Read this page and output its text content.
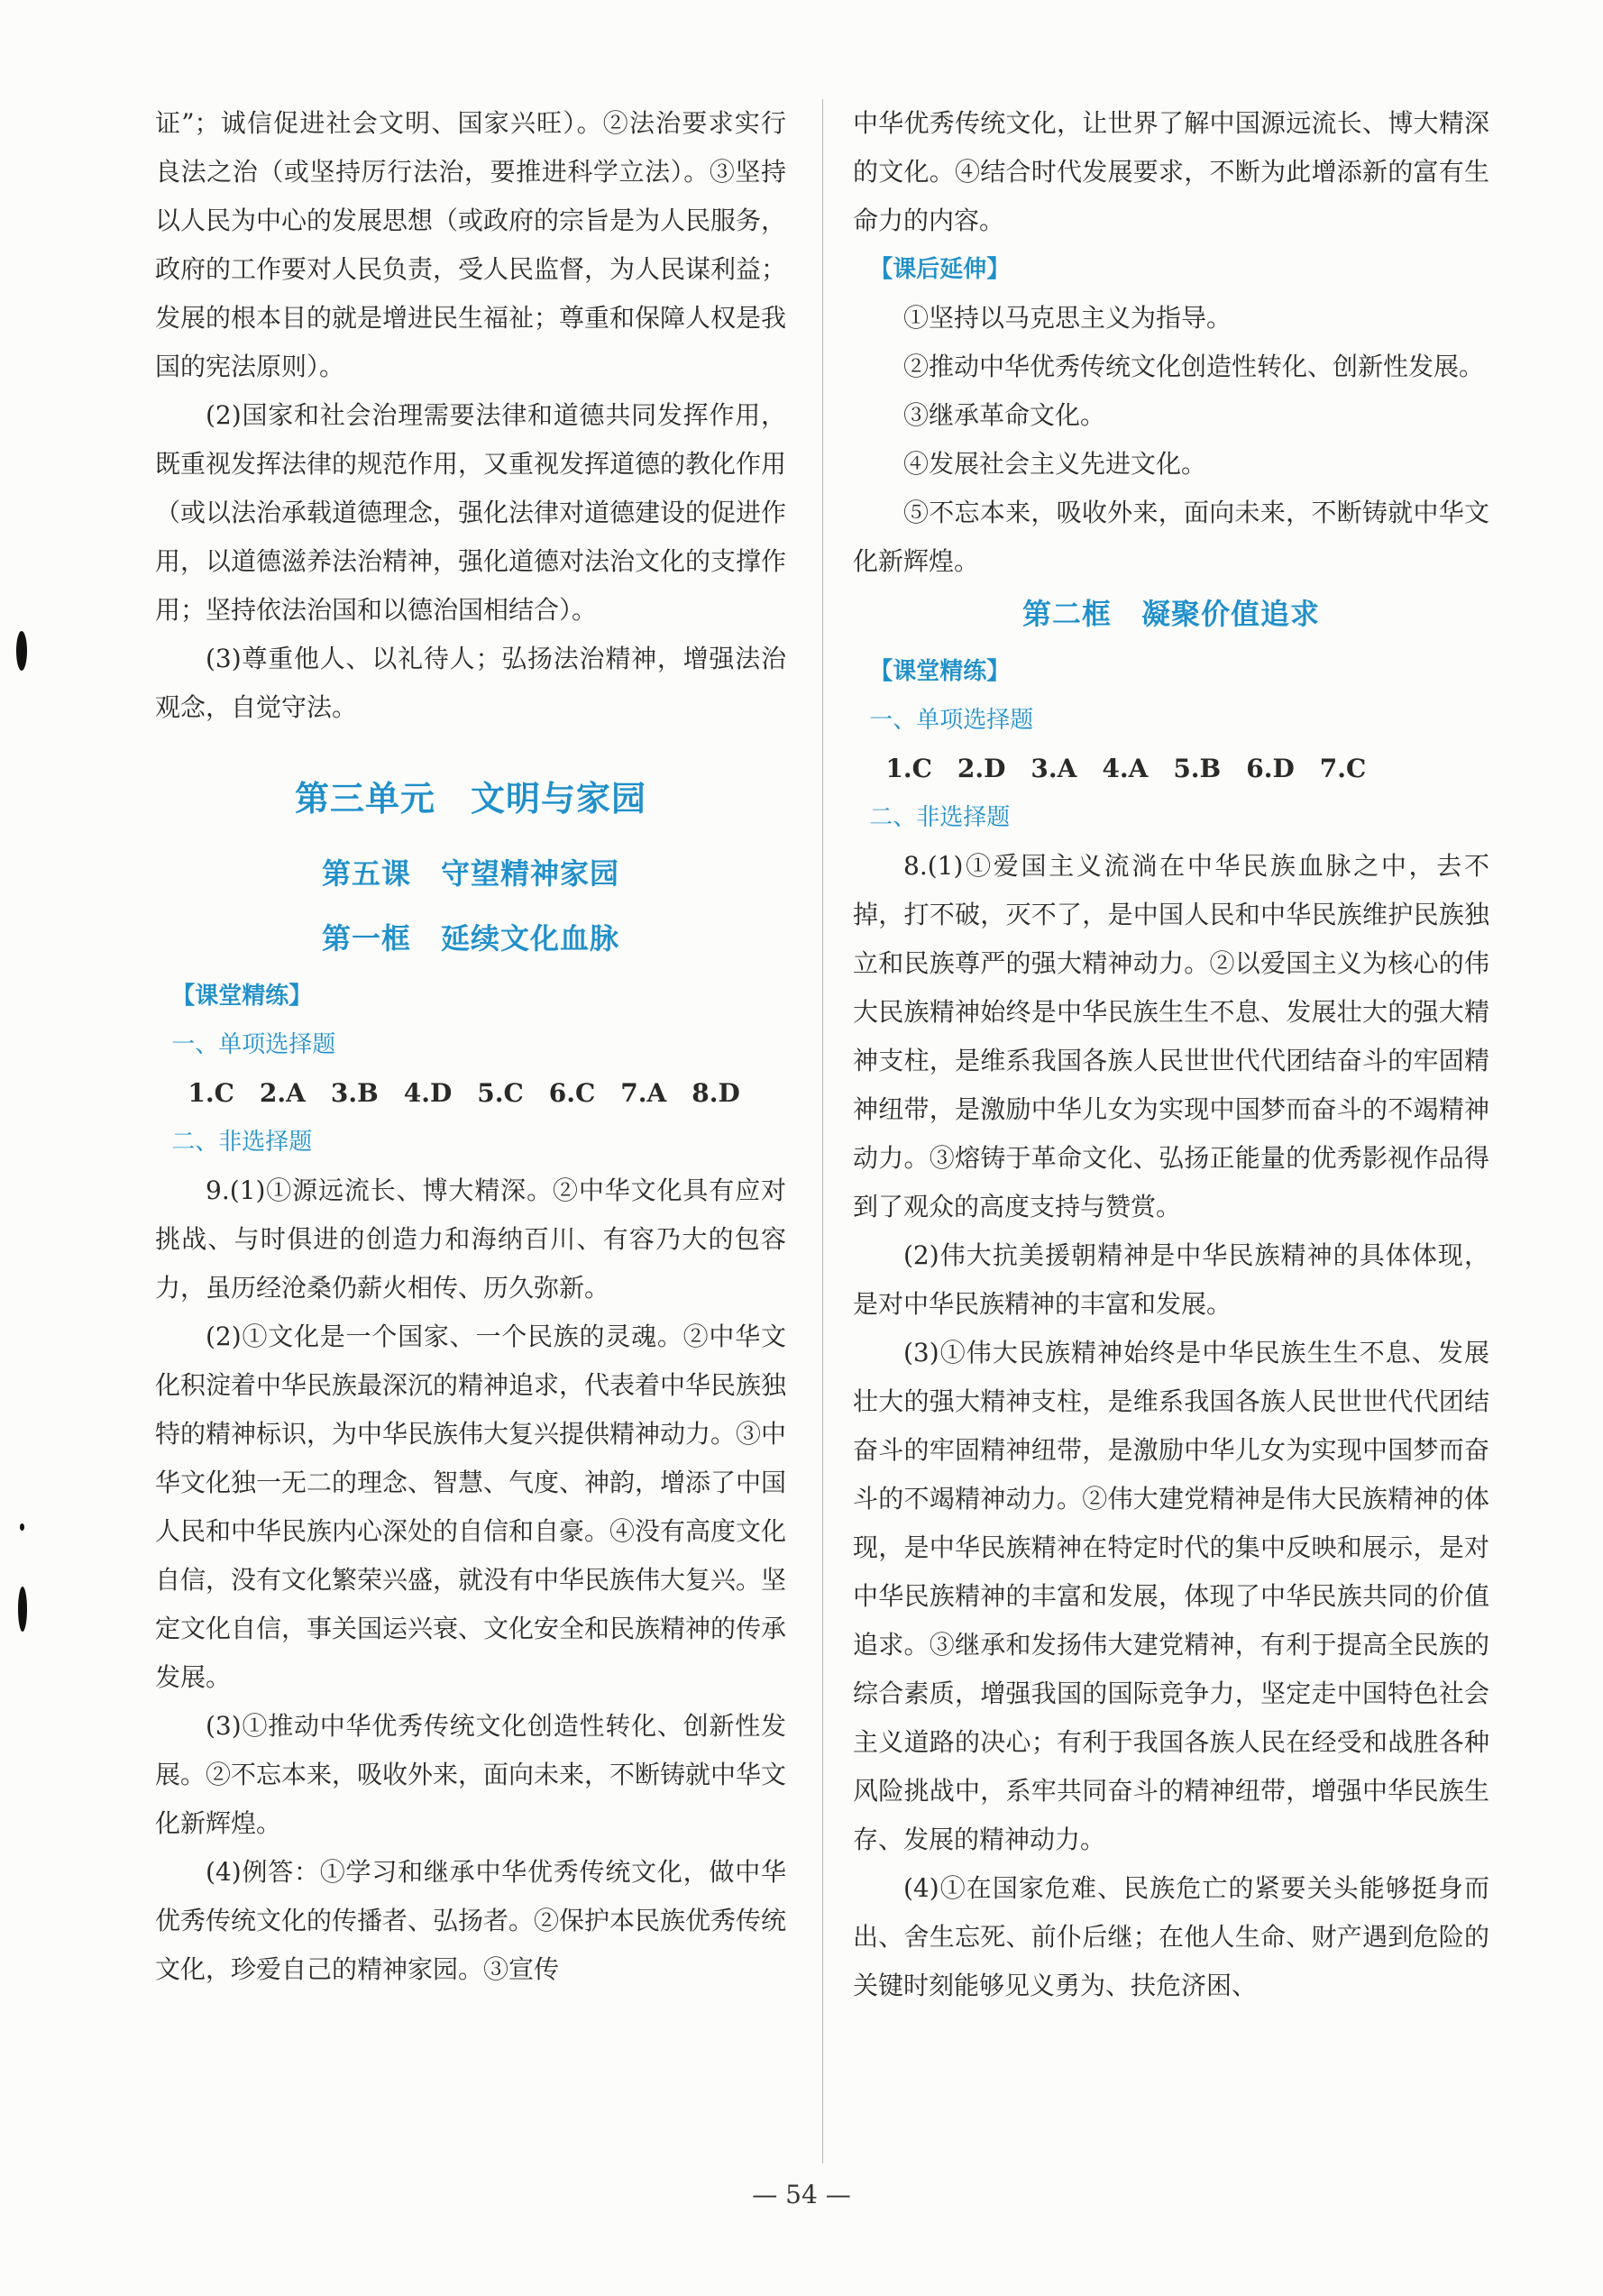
证”；诚信促进社会文明、国家兴旺）。②法治要求实行良法之治（或坚持厉行法治，要推进科学立法）。③坚持以人民为中心的发展思想（或政府的宗旨是为人民服务，政府的工作要对人民负责，受人民监督，为人民谋利益；发展的根本目的就是增进民生福祉；尊重和保障人权是我国的宪法原则）。

(2)国家和社会治理需要法律和道德共同发挥作用，既重视发挥法律的规范作用，又重视发挥道德的教化作用（或以法治承载道德理念，强化法律对道德建设的促进作用，以道德滋养法治精神，强化道德对法治文化的支撑作用；坚持依法治国和以德治国相结合）。

(3)尊重他人、以礼待人；弘扬法治精神，增强法治观念，自觉守法。

第三单元　文明与家园
第五课　守望精神家园
第一框　延续文化血脉
【课堂精练】
一、单项选择题
1.C　2.A　3.B　4.D　5.C　6.C　7.A　8.D
二、非选择题

9.(1)①源远流长、博大精深。②中华文化具有应对挑战、与时俱进的创造力和海纳百川、有容乃大的包容力，虽历经沧桑仍薪火相传、历久弥新。

(2)①文化是一个国家、一个民族的灵魂。②中华文化积淀着中华民族最深沉的精神追求，代表着中华民族独特的精神标识，为中华民族伟大复兴提供精神动力。③中华文化独一无二的理念、智慧、气度、神韵，增添了中国人民和中华民族内心深处的自信和自豪。④没有高度文化自信，没有文化繁荣兴盛，就没有中华民族伟大复兴。坚定文化自信，事关国运兴衰、文化安全和民族精神的传承发展。

(3)①推动中华优秀传统文化创造性转化、创新性发展。②不忘本来，吸收外来，面向未来，不断铸就中华文化新辉煌。

(4)例答：①学习和继承中华优秀传统文化，做中华优秀传统文化的传播者、弘扬者。②保护本民族优秀传统文化，珍爱自己的精神家园。③宣传

中华优秀传统文化，让世界了解中国源远流长、博大精深的文化。④结合时代发展要求，不断为此增添新的富有生命力的内容。

【课后延伸】

①坚持以马克思主义为指导。

②推动中华优秀传统文化创造性转化、创新性发展。

③继承革命文化。

④发展社会主义先进文化。

⑤不忘本来，吸收外来，面向未来，不断铸就中华文化新辉煌。

第二框　凝聚价值追求
【课堂精练】
一、单项选择题
1.C　2.D　3.A　4.A　5.B　6.D　7.C
二、非选择题

8.(1)①爱国主义流淌在中华民族血脉之中，去不掉，打不破，灭不了，是中国人民和中华民族维护民族独立和民族尊严的强大精神动力。②以爱国主义为核心的伟大民族精神始终是中华民族生生不息、发展壮大的强大精神支柱，是维系我国各族人民世世代代团结奋斗的牢固精神纽带，是激励中华儿女为实现中国梦而奋斗的不竭精神动力。③熔铸于革命文化、弘扬正能量的优秀影视作品得到了观众的高度支持与赞赏。

(2)伟大抗美援朝精神是中华民族精神的具体体现，是对中华民族精神的丰富和发展。

(3)①伟大民族精神始终是中华民族生生不息、发展壮大的强大精神支柱，是维系我国各族人民世世代代团结奋斗的牢固精神纽带，是激励中华儿女为实现中国梦而奋斗的不竭精神动力。②伟大建党精神是伟大民族精神的体现，是中华民族精神在特定时代的集中反映和展示，是对中华民族精神的丰富和发展，体现了中华民族共同的价值追求。③继承和发扬伟大建党精神，有利于提高全民族的综合素质，增强我国的国际竞争力，坚定走中国特色社会主义道路的决心；有利于我国各族人民在经受和战胜各种风险挑战中，系牢共同奋斗的精神纽带，增强中华民族生存、发展的精神动力。

(4)①在国家危难、民族危亡的紧要关头能够挺身而出、舍生忘死、前仆后继；在他人生命、财产遇到危险的关键时刻能够见义勇为、扶危济困、

— 54 —
